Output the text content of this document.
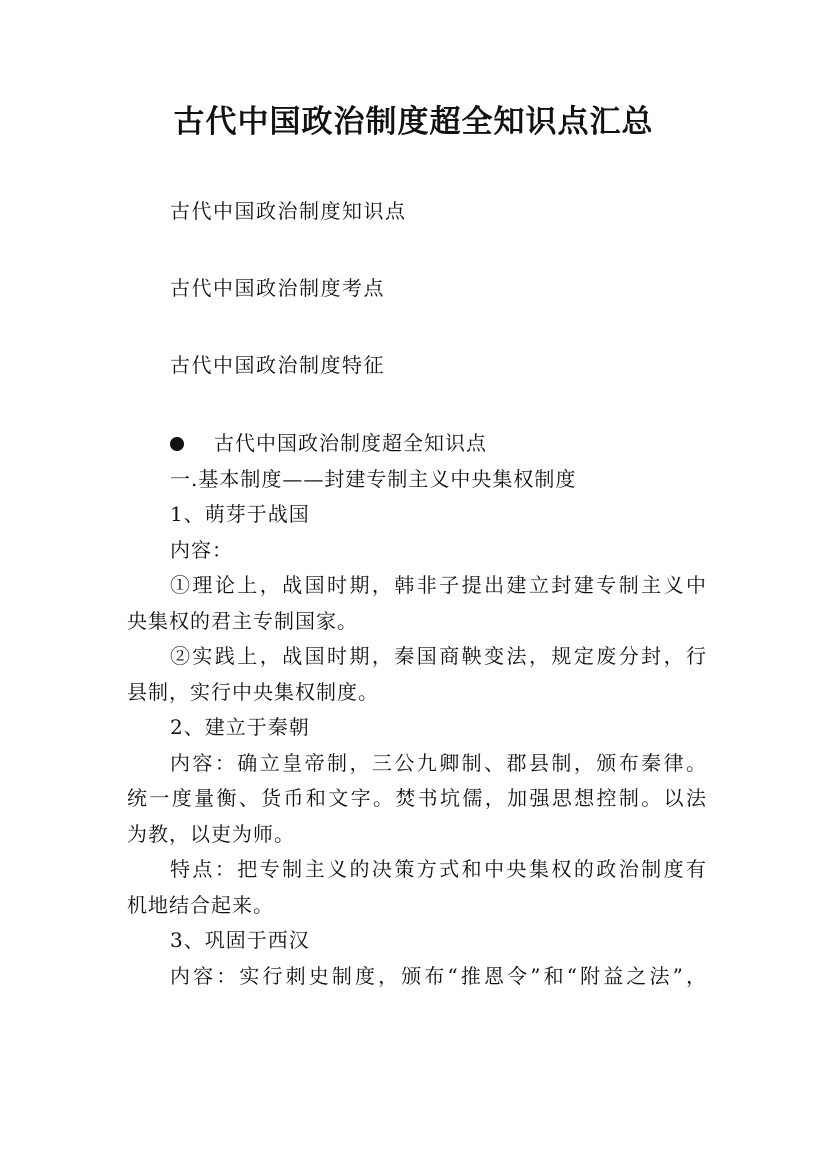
古代中国政治制度超全知识点汇总

古代中国政治制度知识点

古代中国政治制度考点

古代中国政治制度特征

古代中国政治制度超全知识点

一.基本制度——封建专制主义中央集权制度

1、萌芽于战国

内容：

①理论上，战国时期，韩非子提出建立封建专制主义中

央集权的君主专制国家。

②实践上，战国时期，秦国商鞅变法，规定废分封，行

县制，实行中央集权制度。

2、建立于秦朝

内容：确立皇帝制，三公九卿制、郡县制，颁布秦律。

统一度量衡、货币和文字。焚书坑儒，加强思想控制。以法

为教，以吏为师。

特点：把专制主义的决策方式和中央集权的政治制度有

机地结合起来。

3、巩固于西汉

内容：实行刺史制度，颁布“推恩令”和“附益之法”，
